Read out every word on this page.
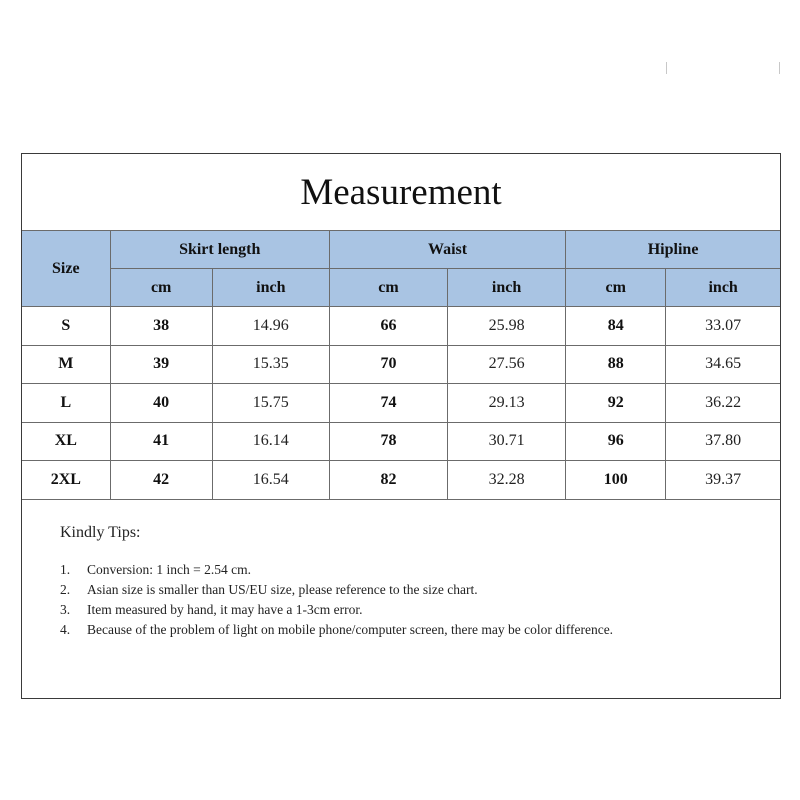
Measurement
Size	Skirt length		Waist		Hipline	
	cm	inch	cm	inch	cm	inch
S	38	14.96	66	25.98	84	33.07
M	39	15.35	70	27.56	88	34.65
L	40	15.75	74	29.13	92	36.22
XL	41	16.14	78	30.71	96	37.80
2XL	42	16.54	82	32.28	100	39.37
Kindly Tips:
1.	Conversion: 1 inch = 2.54 cm.
2.	Asian size is smaller than US/EU size, please reference to the size chart.
3.	Item measured by hand, it may have a 1-3cm error.
4.	Because of the problem of light on mobile phone/computer screen, there may be color difference.
